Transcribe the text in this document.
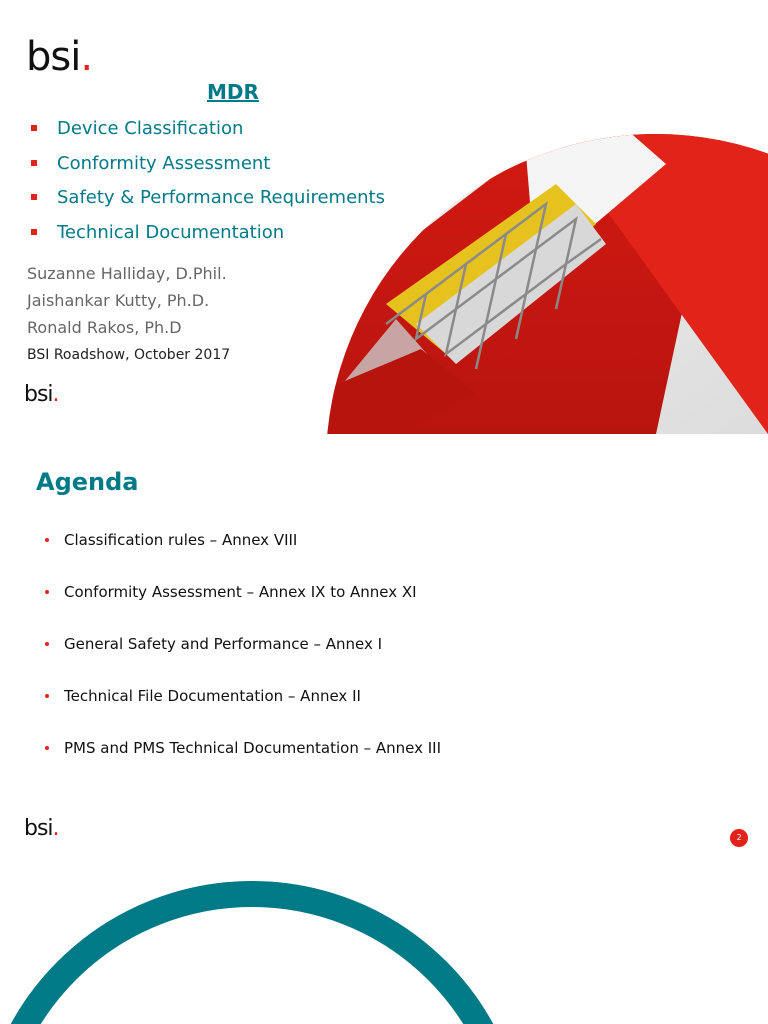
bsi.
MDR
Device Classification
Conformity Assessment
Safety & Performance Requirements
Technical Documentation
Suzanne Halliday, D.Phil.
Jaishankar Kutty, Ph.D.
Ronald Rakos, Ph.D
BSI Roadshow, October 2017
bsi.
Agenda
Classification rules – Annex VIII
Conformity Assessment – Annex IX to Annex XI
General Safety and Performance – Annex I
Technical File Documentation – Annex II
PMS and PMS Technical Documentation – Annex III
bsi.	2
